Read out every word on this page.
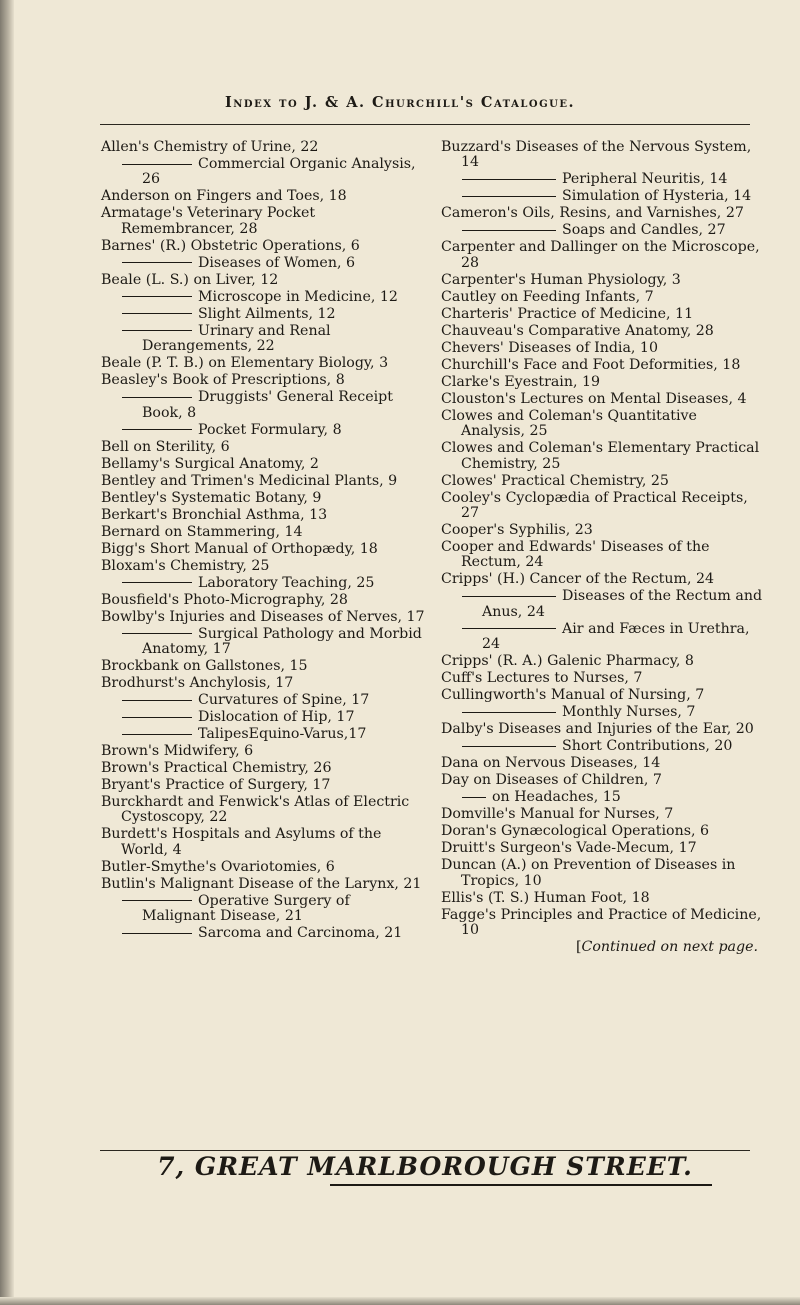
Index to J. & A. Churchill's Catalogue.
Allen's Chemistry of Urine, 22
Commercial Organic Analysis, 26
Anderson on Fingers and Toes, 18
Armatage's Veterinary Pocket Remembrancer, 28
Barnes' (R.) Obstetric Operations, 6
Diseases of Women, 6
Beale (L. S.) on Liver, 12
Microscope in Medicine, 12
Slight Ailments, 12
Urinary and Renal Derangements, 22
Beale (P. T. B.) on Elementary Biology, 3
Beasley's Book of Prescriptions, 8
Druggists' General Receipt Book, 8
Pocket Formulary, 8
Bell on Sterility, 6
Bellamy's Surgical Anatomy, 2
Bentley and Trimen's Medicinal Plants, 9
Bentley's Systematic Botany, 9
Berkart's Bronchial Asthma, 13
Bernard on Stammering, 14
Bigg's Short Manual of Orthopædy, 18
Bloxam's Chemistry, 25
Laboratory Teaching, 25
Bousfield's Photo-Micrography, 28
Bowlby's Injuries and Diseases of Nerves, 17
Surgical Pathology and Morbid Anatomy, 17
Brockbank on Gallstones, 15
Brodhurst's Anchylosis, 17
Curvatures of Spine, 17
Dislocation of Hip, 17
TalipesEquino-Varus,17
Brown's Midwifery, 6
Brown's Practical Chemistry, 26
Bryant's Practice of Surgery, 17
Burckhardt and Fenwick's Atlas of Electric Cystoscopy, 22
Burdett's Hospitals and Asylums of the World, 4
Butler-Smythe's Ovariotomies, 6
Butlin's Malignant Disease of the Larynx, 21
Operative Surgery of Malignant Disease, 21
Sarcoma and Carcinoma, 21
Buzzard's Diseases of the Nervous System, 14
Peripheral Neuritis, 14
Simulation of Hysteria, 14
Cameron's Oils, Resins, and Varnishes, 27
Soaps and Candles, 27
Carpenter and Dallinger on the Microscope, 28
Carpenter's Human Physiology, 3
Cautley on Feeding Infants, 7
Charteris' Practice of Medicine, 11
Chauveau's Comparative Anatomy, 28
Chevers' Diseases of India, 10
Churchill's Face and Foot Deformities, 18
Clarke's Eyestrain, 19
Clouston's Lectures on Mental Diseases, 4
Clowes and Coleman's Quantitative Analysis, 25
Clowes and Coleman's Elementary Practical Chemistry, 25
Clowes' Practical Chemistry, 25
Cooley's Cyclopædia of Practical Receipts, 27
Cooper's Syphilis, 23
Cooper and Edwards' Diseases of the Rectum, 24
Cripps' (H.) Cancer of the Rectum, 24
Diseases of the Rectum and Anus, 24
Air and Fæces in Urethra, 24
Cripps' (R. A.) Galenic Pharmacy, 8
Cuff's Lectures to Nurses, 7
Cullingworth's Manual of Nursing, 7
Monthly Nurses, 7
Dalby's Diseases and Injuries of the Ear, 20
Short Contributions, 20
Dana on Nervous Diseases, 14
Day on Diseases of Children, 7
on Headaches, 15
Domville's Manual for Nurses, 7
Doran's Gynæcological Operations, 6
Druitt's Surgeon's Vade-Mecum, 17
Duncan (A.) on Prevention of Diseases in Tropics, 10
Ellis's (T. S.) Human Foot, 18
Fagge's Principles and Practice of Medicine, 10
[Continued on next page.
7, GREAT MARLBOROUGH STREET.
